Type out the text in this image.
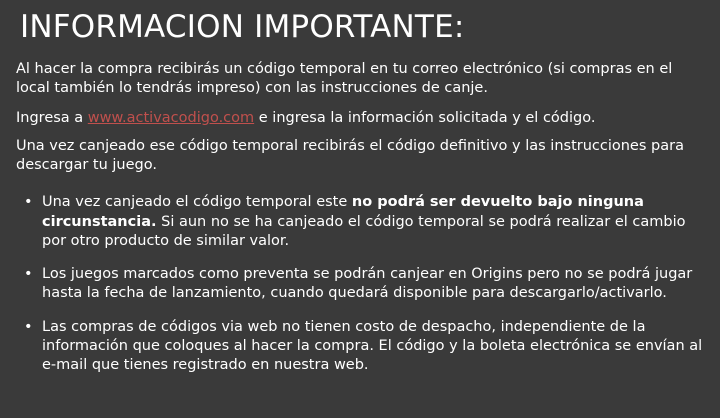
INFORMACION IMPORTANTE:

Al hacer la compra recibirás un código temporal en tu correo electrónico (si compras en el local también lo tendrás impreso) con las instrucciones de canje.

Ingresa a www.activacodigo.com e ingresa la información solicitada y el código.

Una vez canjeado ese código temporal recibirás el código definitivo y las instrucciones para descargar tu juego.

• Una vez canjeado el código temporal este no podrá ser devuelto bajo ninguna circunstancia. Si aun no se ha canjeado el código temporal se podrá realizar el cambio por otro producto de similar valor.
• Los juegos marcados como preventa se podrán canjear en Origins pero no se podrá jugar hasta la fecha de lanzamiento, cuando quedará disponible para descargarlo/activarlo.
• Las compras de códigos via web no tienen costo de despacho, independiente de la información que coloques al hacer la compra. El código y la boleta electrónica se envían al e-mail que tienes registrado en nuestra web.
